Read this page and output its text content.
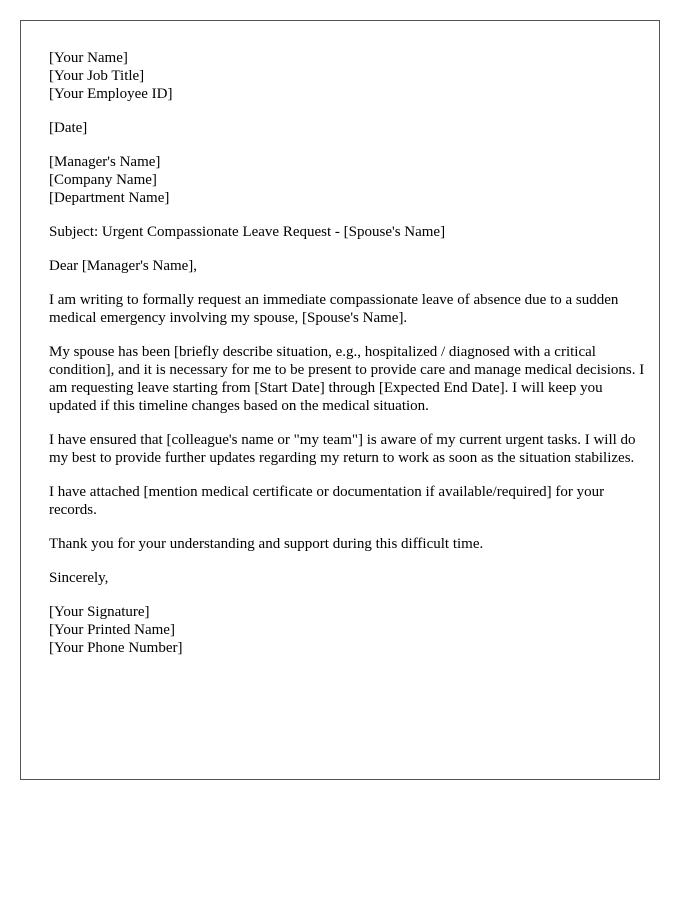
[Your Name]
[Your Job Title]
[Your Employee ID]
[Date]
[Manager's Name]
[Company Name]
[Department Name]

Subject: Urgent Compassionate Leave Request - [Spouse's Name]

Dear [Manager's Name],

I am writing to formally request an immediate compassionate leave of absence due to a sudden medical emergency involving my spouse, [Spouse's Name].

My spouse has been [briefly describe situation, e.g., hospitalized / diagnosed with a critical condition], and it is necessary for me to be present to provide care and manage medical decisions. I am requesting leave starting from [Start Date] through [Expected End Date]. I will keep you updated if this timeline changes based on the medical situation.

I have ensured that [colleague's name or "my team"] is aware of my current urgent tasks. I will do my best to provide further updates regarding my return to work as soon as the situation stabilizes.

I have attached [mention medical certificate or documentation if available/required] for your records.

Thank you for your understanding and support during this difficult time.

Sincerely,

[Your Signature]
[Your Printed Name]
[Your Phone Number]
